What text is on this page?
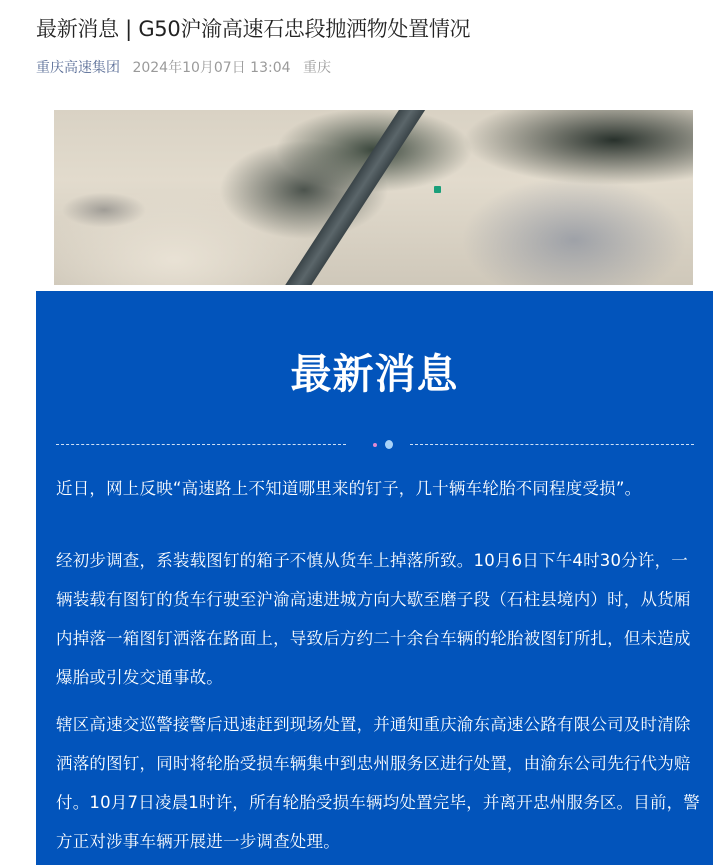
最新消息 | G50沪渝高速石忠段抛洒物处置情况
重庆高速集团 2024年10月07日 13:04 重庆
最新消息

近日，网上反映“高速路上不知道哪里来的钉子，几十辆车轮胎不同程度受损”。

经初步调查，系装载图钉的箱子不慎从货车上掉落所致。10月6日下午4时30分许，一辆装载有图钉的货车行驶至沪渝高速进城方向大歇至磨子段（石柱县境内）时，从货厢内掉落一箱图钉洒落在路面上，导致后方约二十余台车辆的轮胎被图钉所扎，但未造成爆胎或引发交通事故。

辖区高速交巡警接警后迅速赶到现场处置，并通知重庆渝东高速公路有限公司及时清除洒落的图钉，同时将轮胎受损车辆集中到忠州服务区进行处置，由渝东公司先行代为赔付。10月7日凌晨1时许，所有轮胎受损车辆均处置完毕，并离开忠州服务区。目前，警方正对涉事车辆开展进一步调查处理。
